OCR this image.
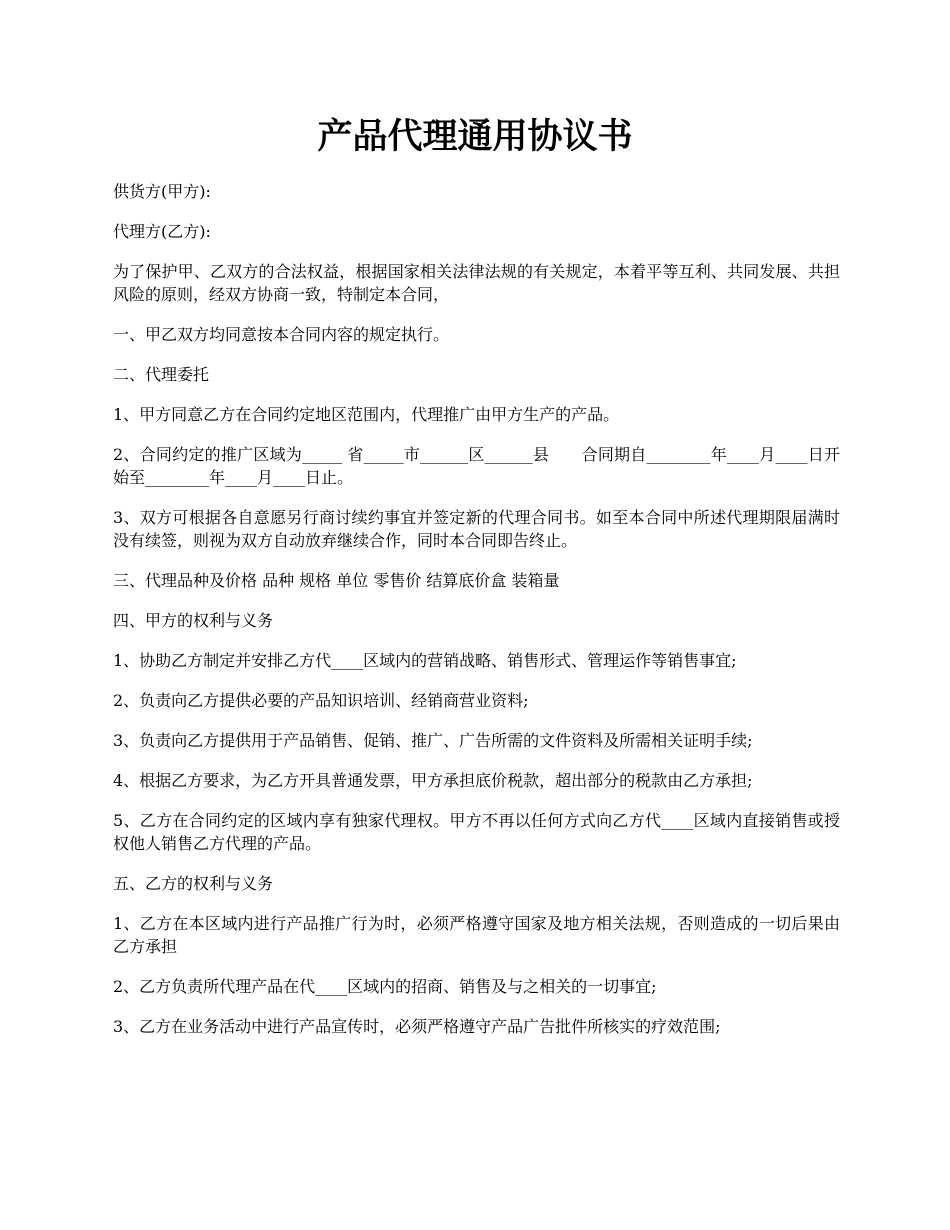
产品代理通用协议书

供货方(甲方):

代理方(乙方):

为了保护甲、乙双方的合法权益，根据国家相关法律法规的有关规定，本着平等互利、共同发展、共担风险的原则，经双方协商一致，特制定本合同，

一、甲乙双方均同意按本合同内容的规定执行。

二、代理委托

1、甲方同意乙方在合同约定地区范围内，代理推广由甲方生产的产品。

2、合同约定的推广区域为_____ 省_____市______区______县　　合同期自________年____月____日开始至________年____月____日止。

3、双方可根据各自意愿另行商讨续约事宜并签定新的代理合同书。如至本合同中所述代理期限届满时没有续签，则视为双方自动放弃继续合作，同时本合同即告终止。

三、代理品种及价格 品种 规格 单位 零售价 结算底价盒 装箱量

四、甲方的权利与义务

1、协助乙方制定并安排乙方代____区域内的营销战略、销售形式、管理运作等销售事宜;

2、负责向乙方提供必要的产品知识培训、经销商营业资料;

3、负责向乙方提供用于产品销售、促销、推广、广告所需的文件资料及所需相关证明手续;

4、根据乙方要求，为乙方开具普通发票，甲方承担底价税款，超出部分的税款由乙方承担;

5、乙方在合同约定的区域内享有独家代理权。甲方不再以任何方式向乙方代____区域内直接销售或授权他人销售乙方代理的产品。

五、乙方的权利与义务

1、乙方在本区域内进行产品推广行为时，必须严格遵守国家及地方相关法规，否则造成的一切后果由乙方承担

2、乙方负责所代理产品在代____区域内的招商、销售及与之相关的一切事宜;

3、乙方在业务活动中进行产品宣传时，必须严格遵守产品广告批件所核实的疗效范围;
